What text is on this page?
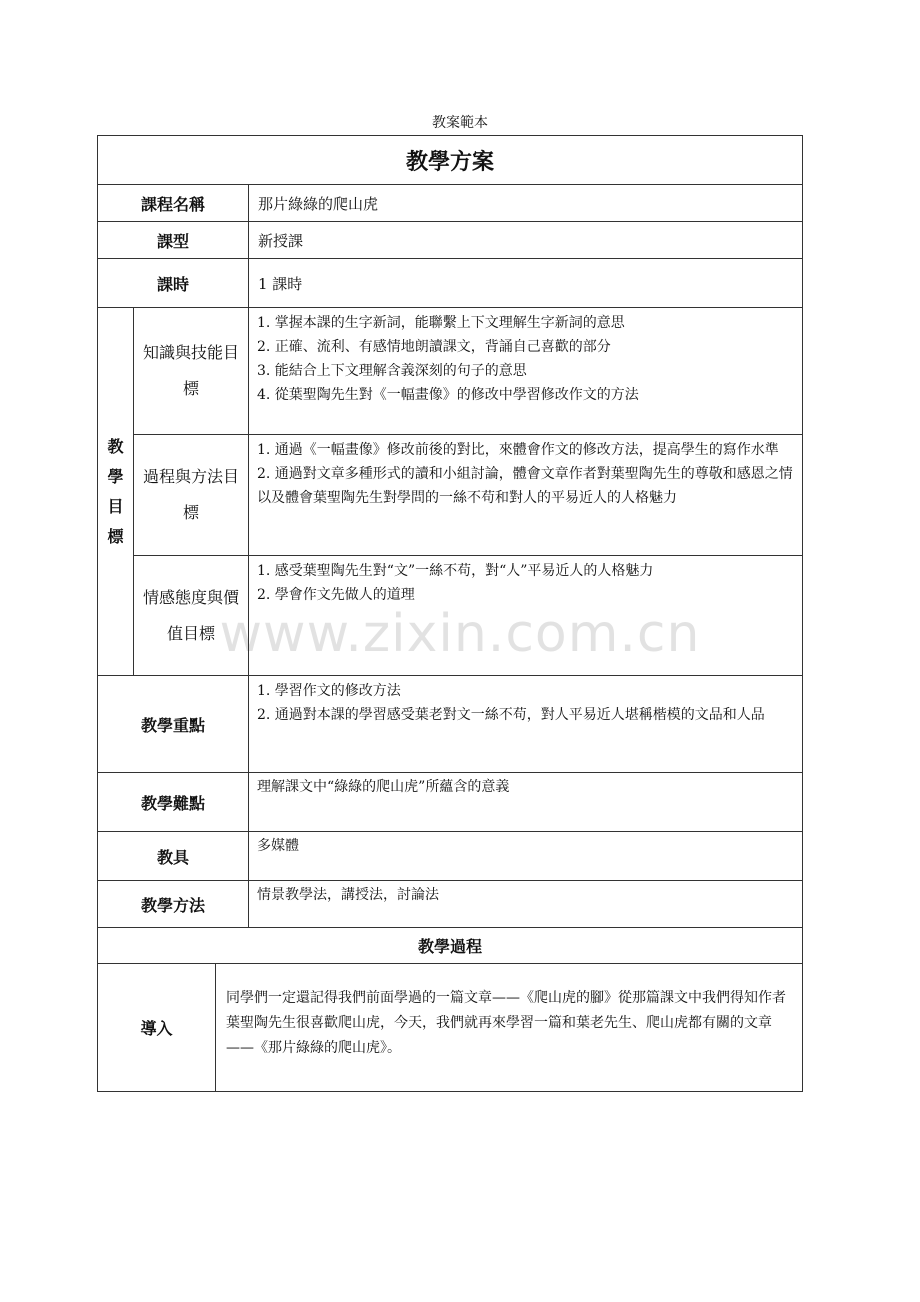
教案範本
www.zixin.com.cn
教學方案			
課程名稱			那片綠綠的爬山虎
課型			新授課
課時			1 課時
教學目標	知識與技能目標		1. 掌握本課的生字新詞，能聯繫上下文理解生字新詞的意思
2. 正確、流利、有感情地朗讀課文，背誦自己喜歡的部分
3. 能結合上下文理解含義深刻的句子的意思
4. 從葉聖陶先生對《一幅畫像》的修改中學習修改作文的方法

	過程與方法目標		1. 通過《一幅畫像》修改前後的對比，來體會作文的修改方法，提高學生的寫作水準
2. 通過對文章多種形式的讀和小組討論，體會文章作者對葉聖陶先生的尊敬和感恩之情以及體會葉聖陶先生對學問的一絲不苟和對人的平易近人的人格魅力

	情感態度與價值目標		1. 感受葉聖陶先生對“文”一絲不苟，對“人”平易近人的人格魅力
2. 學會作文先做人的道理

教學重點			1. 學習作文的修改方法
2. 通過對本課的學習感受葉老對文一絲不苟，對人平易近人堪稱楷模的文品和人品

教學難點			理解課文中“綠綠的爬山虎”所蘊含的意義
教具			多媒體
教學方法			情景教學法，講授法，討論法
教學過程			
導入		同學們一定還記得我們前面學過的一篇文章——《爬山虎的腳》從那篇課文中我們得知作者葉聖陶先生很喜歡爬山虎，今天，我們就再來學習一篇和葉老先生、爬山虎都有關的文章——《那片綠綠的爬山虎》。	
